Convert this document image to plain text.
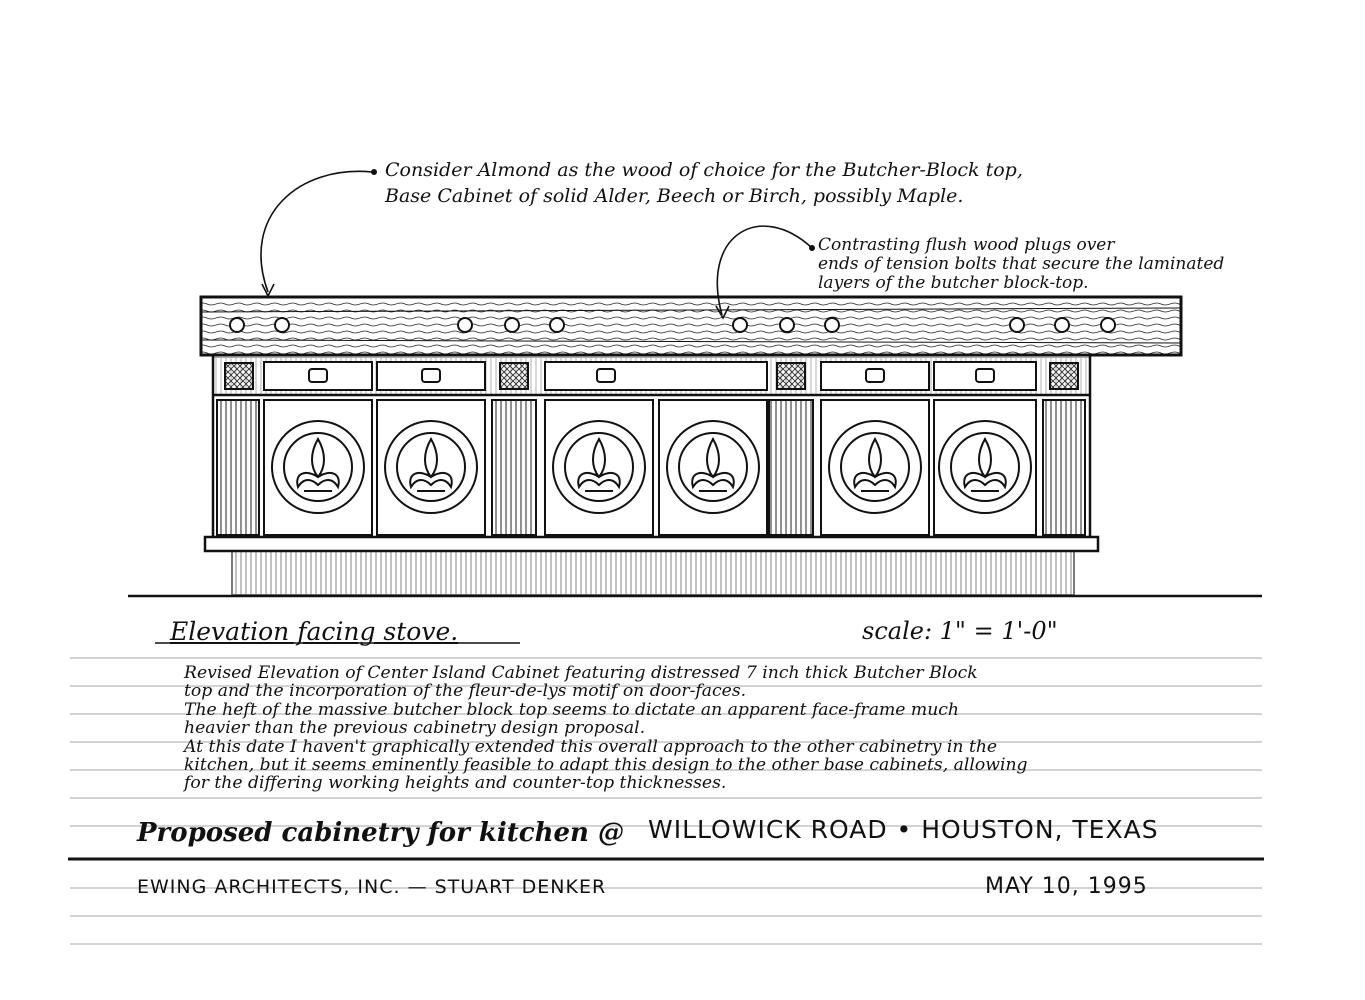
Consider Almond as the wood of choice for the Butcher-Block top,
Base Cabinet of solid Alder, Beech or Birch, possibly Maple.
Contrasting flush wood plugs over
ends of tension bolts that secure the laminated
layers of the butcher block-top.
Elevation facing stove.	scale: 1" = 1'-0"
Revised Elevation of Center Island Cabinet featuring distressed 7 inch thick Butcher Block
top and the incorporation of the fleur-de-lys motif on door-faces.
The heft of the massive butcher block top seems to dictate an apparent face-frame much
heavier than the previous cabinetry design proposal.
At this date I haven't graphically extended this overall approach to the other cabinetry in the
kitchen, but it seems eminently feasible to adapt this design to the other base cabinets, allowing
for the differing working heights and counter-top thicknesses.
Proposed cabinetry for kitchen @ WILLOWICK ROAD • HOUSTON, TEXAS
EWING ARCHITECTS, INC. — STUART DENKER	MAY 10, 1995
